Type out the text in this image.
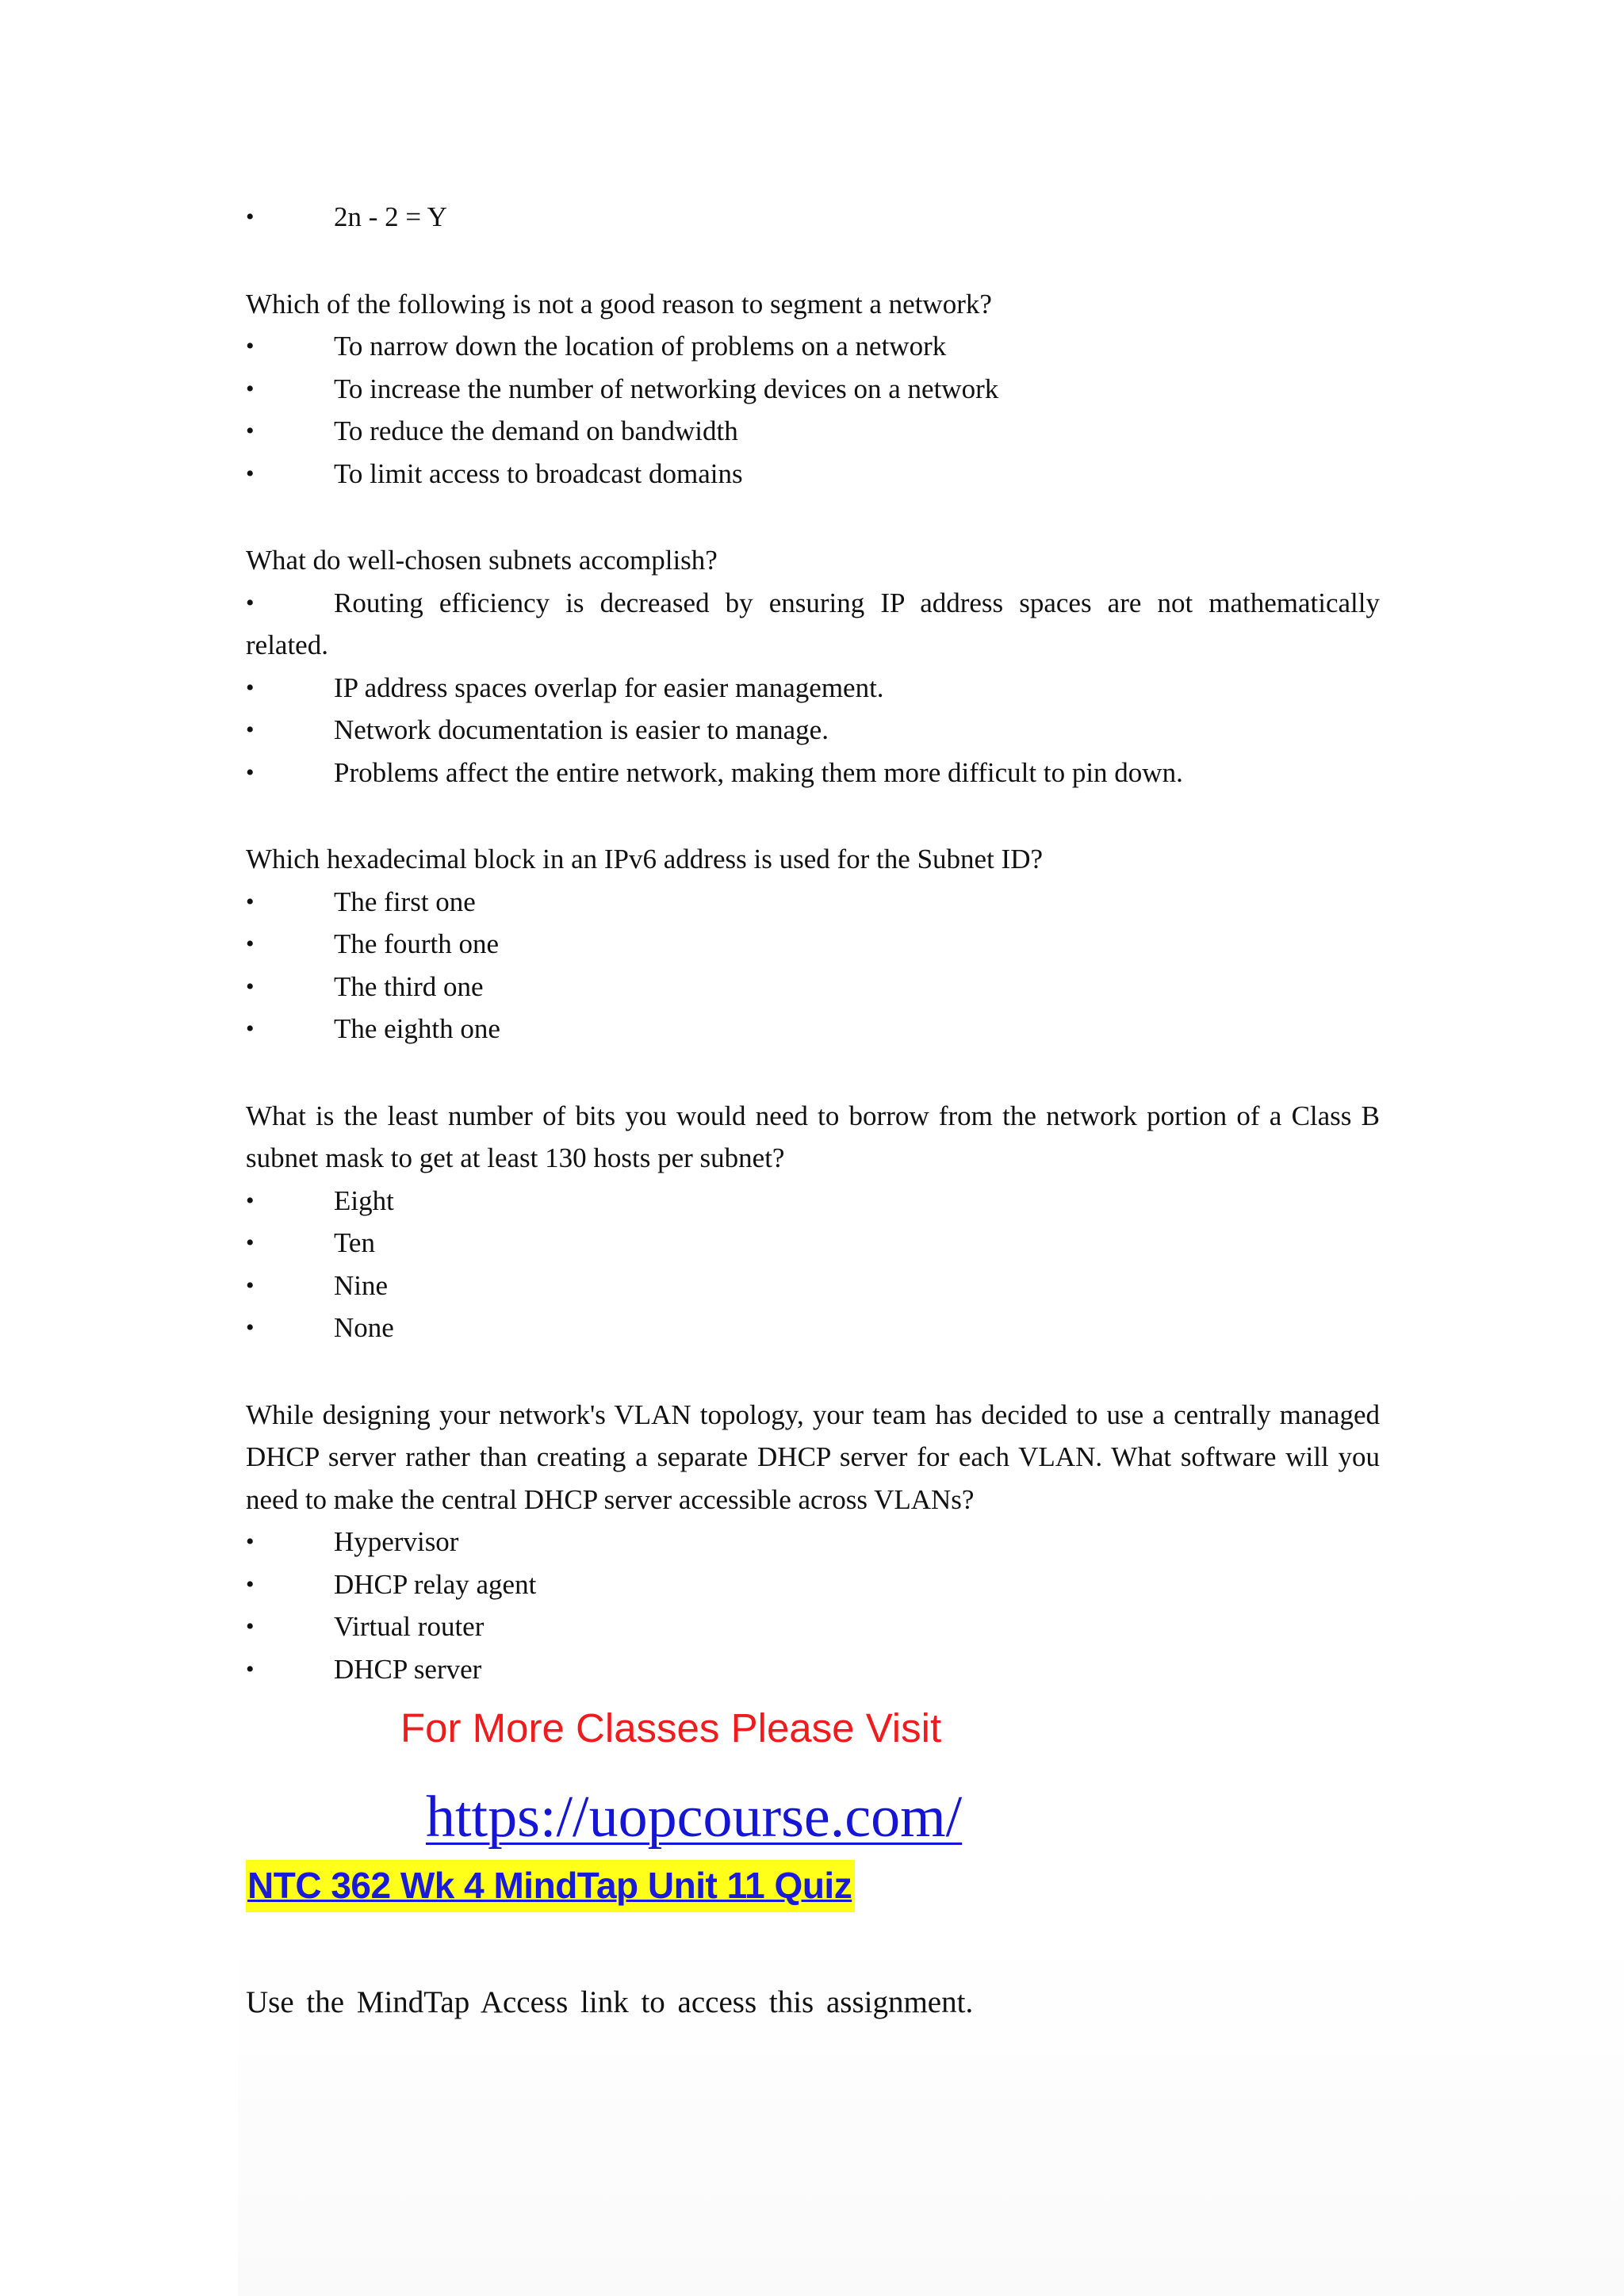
•	2n - 2 = Y
Which of the following is not a good reason to segment a network?
•	To narrow down the location of problems on a network
•	To increase the number of networking devices on a network
•	To reduce the demand on bandwidth
•	To limit access to broadcast domains
What do well-chosen subnets accomplish?
•	Routing efficiency is decreased by ensuring IP address spaces are not mathematically
related.
•	IP address spaces overlap for easier management.
•	Network documentation is easier to manage.
•	Problems affect the entire network, making them more difficult to pin down.
Which hexadecimal block in an IPv6 address is used for the Subnet ID?
•	The first one
•	The fourth one
•	The third one
•	The eighth one
What is the least number of bits you would need to borrow from the network portion of a Class B subnet mask to get at least 130 hosts per subnet?
•	Eight
•	Ten
•	Nine
•	None
While designing your network's VLAN topology, your team has decided to use a centrally managed DHCP server rather than creating a separate DHCP server for each VLAN. What software will you need to make the central DHCP server accessible across VLANs?
•	Hypervisor
•	DHCP relay agent
•	Virtual router
•	DHCP server
For More Classes Please Visit
https://uopcourse.com/
NTC 362 Wk 4 MindTap Unit 11 Quiz
Use the MindTap Access link to access this assignment.
